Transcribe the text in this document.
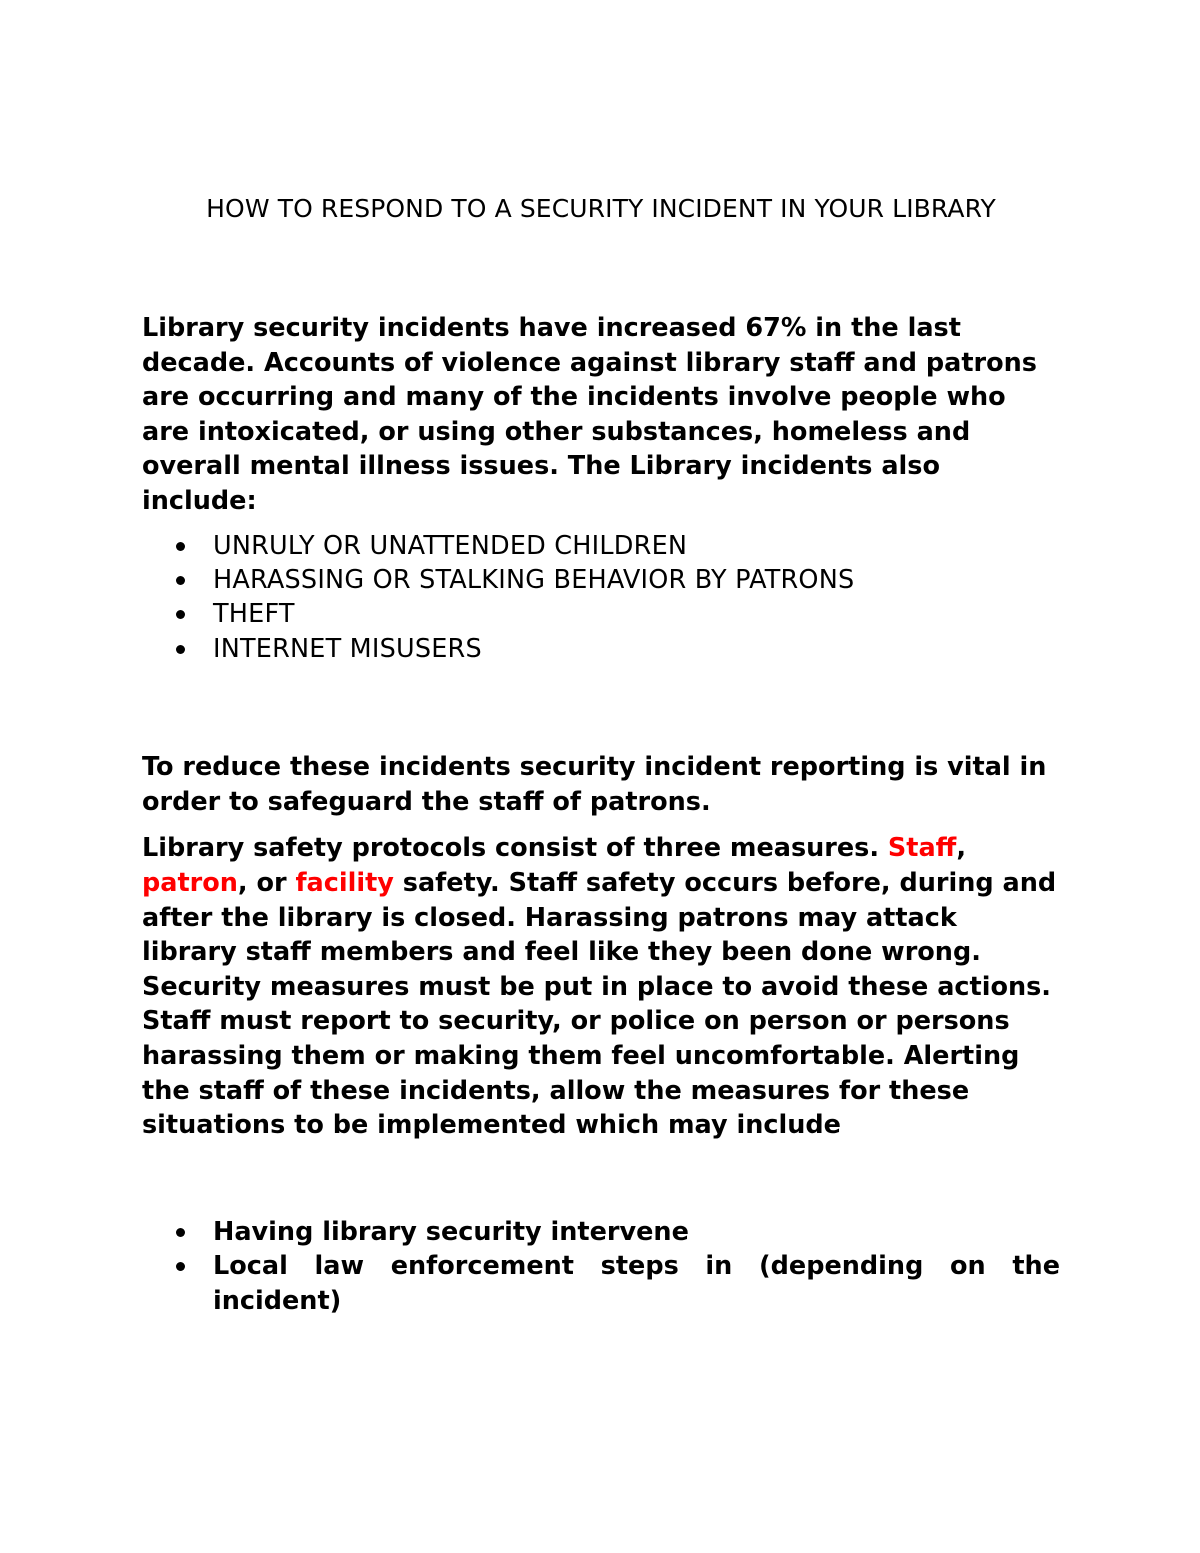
HOW TO RESPOND TO A SECURITY INCIDENT IN YOUR LIBRARY

Library security incidents have increased 67% in the last decade. Accounts of violence against library staff and patrons are occurring and many of the incidents involve people who are intoxicated, or using other substances, homeless and overall mental illness issues. The Library incidents also include:

UNRULY OR UNATTENDED CHILDREN
HARASSING OR STALKING BEHAVIOR BY PATRONS
THEFT
INTERNET MISUSERS

To reduce these incidents security incident reporting is vital in order to safeguard the staff of patrons.

Library safety protocols consist of three measures. Staff, patron, or facility safety. Staff safety occurs before, during and after the library is closed. Harassing patrons may attack library staff members and feel like they been done wrong. Security measures must be put in place to avoid these actions. Staff must report to security, or police on person or persons harassing them or making them feel uncomfortable. Alerting the staff of these incidents, allow the measures for these situations to be implemented which may include

Having library security intervene
Local law enforcement steps in (depending on the incident)
